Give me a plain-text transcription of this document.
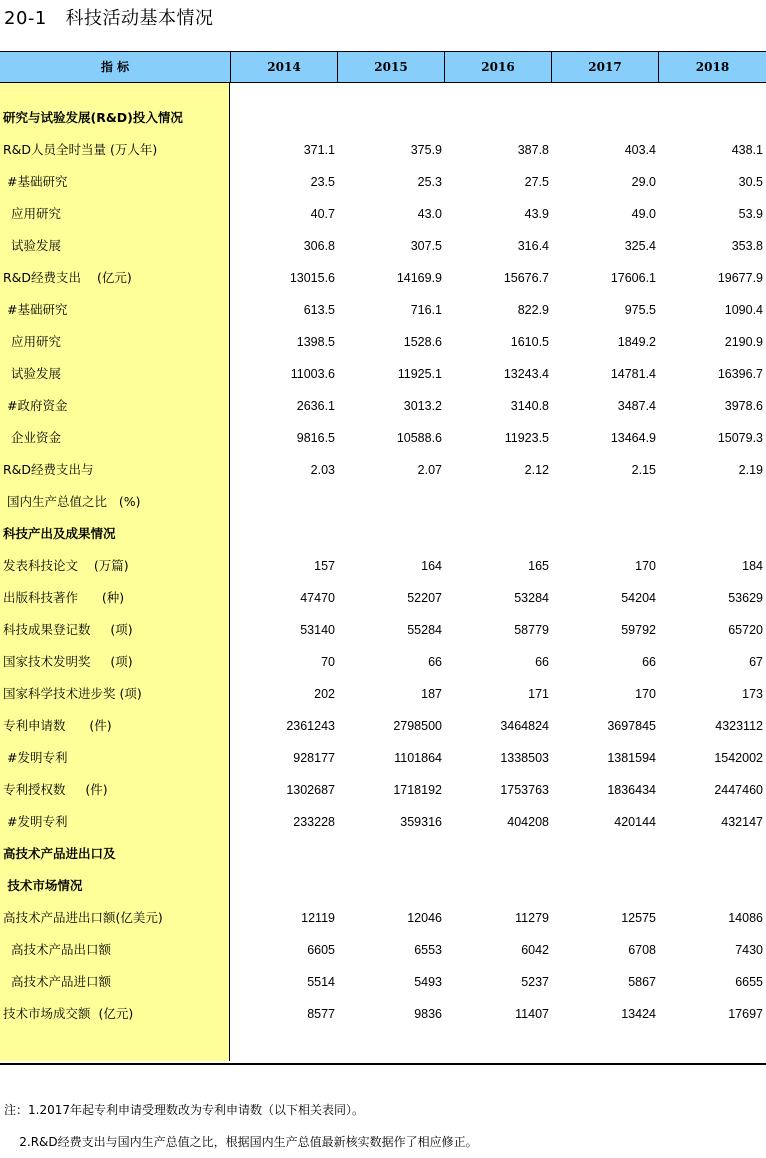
20-1   科技活动基本情况
指 标	2014	2015	2016	2017	2018
研究与试验发展(R&D)投入情况
R&D人员全时当量 (万人年)	371.1	375.9	387.8	403.4	438.1
#基础研究	23.5	25.3	27.5	29.0	30.5
应用研究	40.7	43.0	43.9	49.0	53.9
试验发展	306.8	307.5	316.4	325.4	353.8
R&D经费支出    (亿元)	13015.6	14169.9	15676.7	17606.1	19677.9
#基础研究	613.5	716.1	822.9	975.5	1090.4
应用研究	1398.5	1528.6	1610.5	1849.2	2190.9
试验发展	11003.6	11925.1	13243.4	14781.4	16396.7
#政府资金	2636.1	3013.2	3140.8	3487.4	3978.6
企业资金	9816.5	10588.6	11923.5	13464.9	15079.3
R&D经费支出与	2.03	2.07	2.12	2.15	2.19
国内生产总值之比   (%)
科技产出及成果情况
发表科技论文    (万篇)	157	164	165	170	184
出版科技著作      (种)	47470	52207	53284	54204	53629
科技成果登记数     (项)	53140	55284	58779	59792	65720
国家技术发明奖     (项)	70	66	66	66	67
国家科学技术进步奖 (项)	202	187	171	170	173
专利申请数      (件)	2361243	2798500	3464824	3697845	4323112
#发明专利	928177	1101864	1338503	1381594	1542002
专利授权数     (件)	1302687	1718192	1753763	1836434	2447460
#发明专利	233228	359316	404208	420144	432147
高技术产品进出口及
技术市场情况
高技术产品进出口额(亿美元)	12119	12046	11279	12575	14086
高技术产品出口额	6605	6553	6042	6708	7430
高技术产品进口额	5514	5493	5237	5867	6655
技术市场成交额  (亿元)	8577	9836	11407	13424	17697
注：1.2017年起专利申请受理数改为专利申请数（以下相关表同）。
2.R&D经费支出与国内生产总值之比，根据国内生产总值最新核实数据作了相应修正。
